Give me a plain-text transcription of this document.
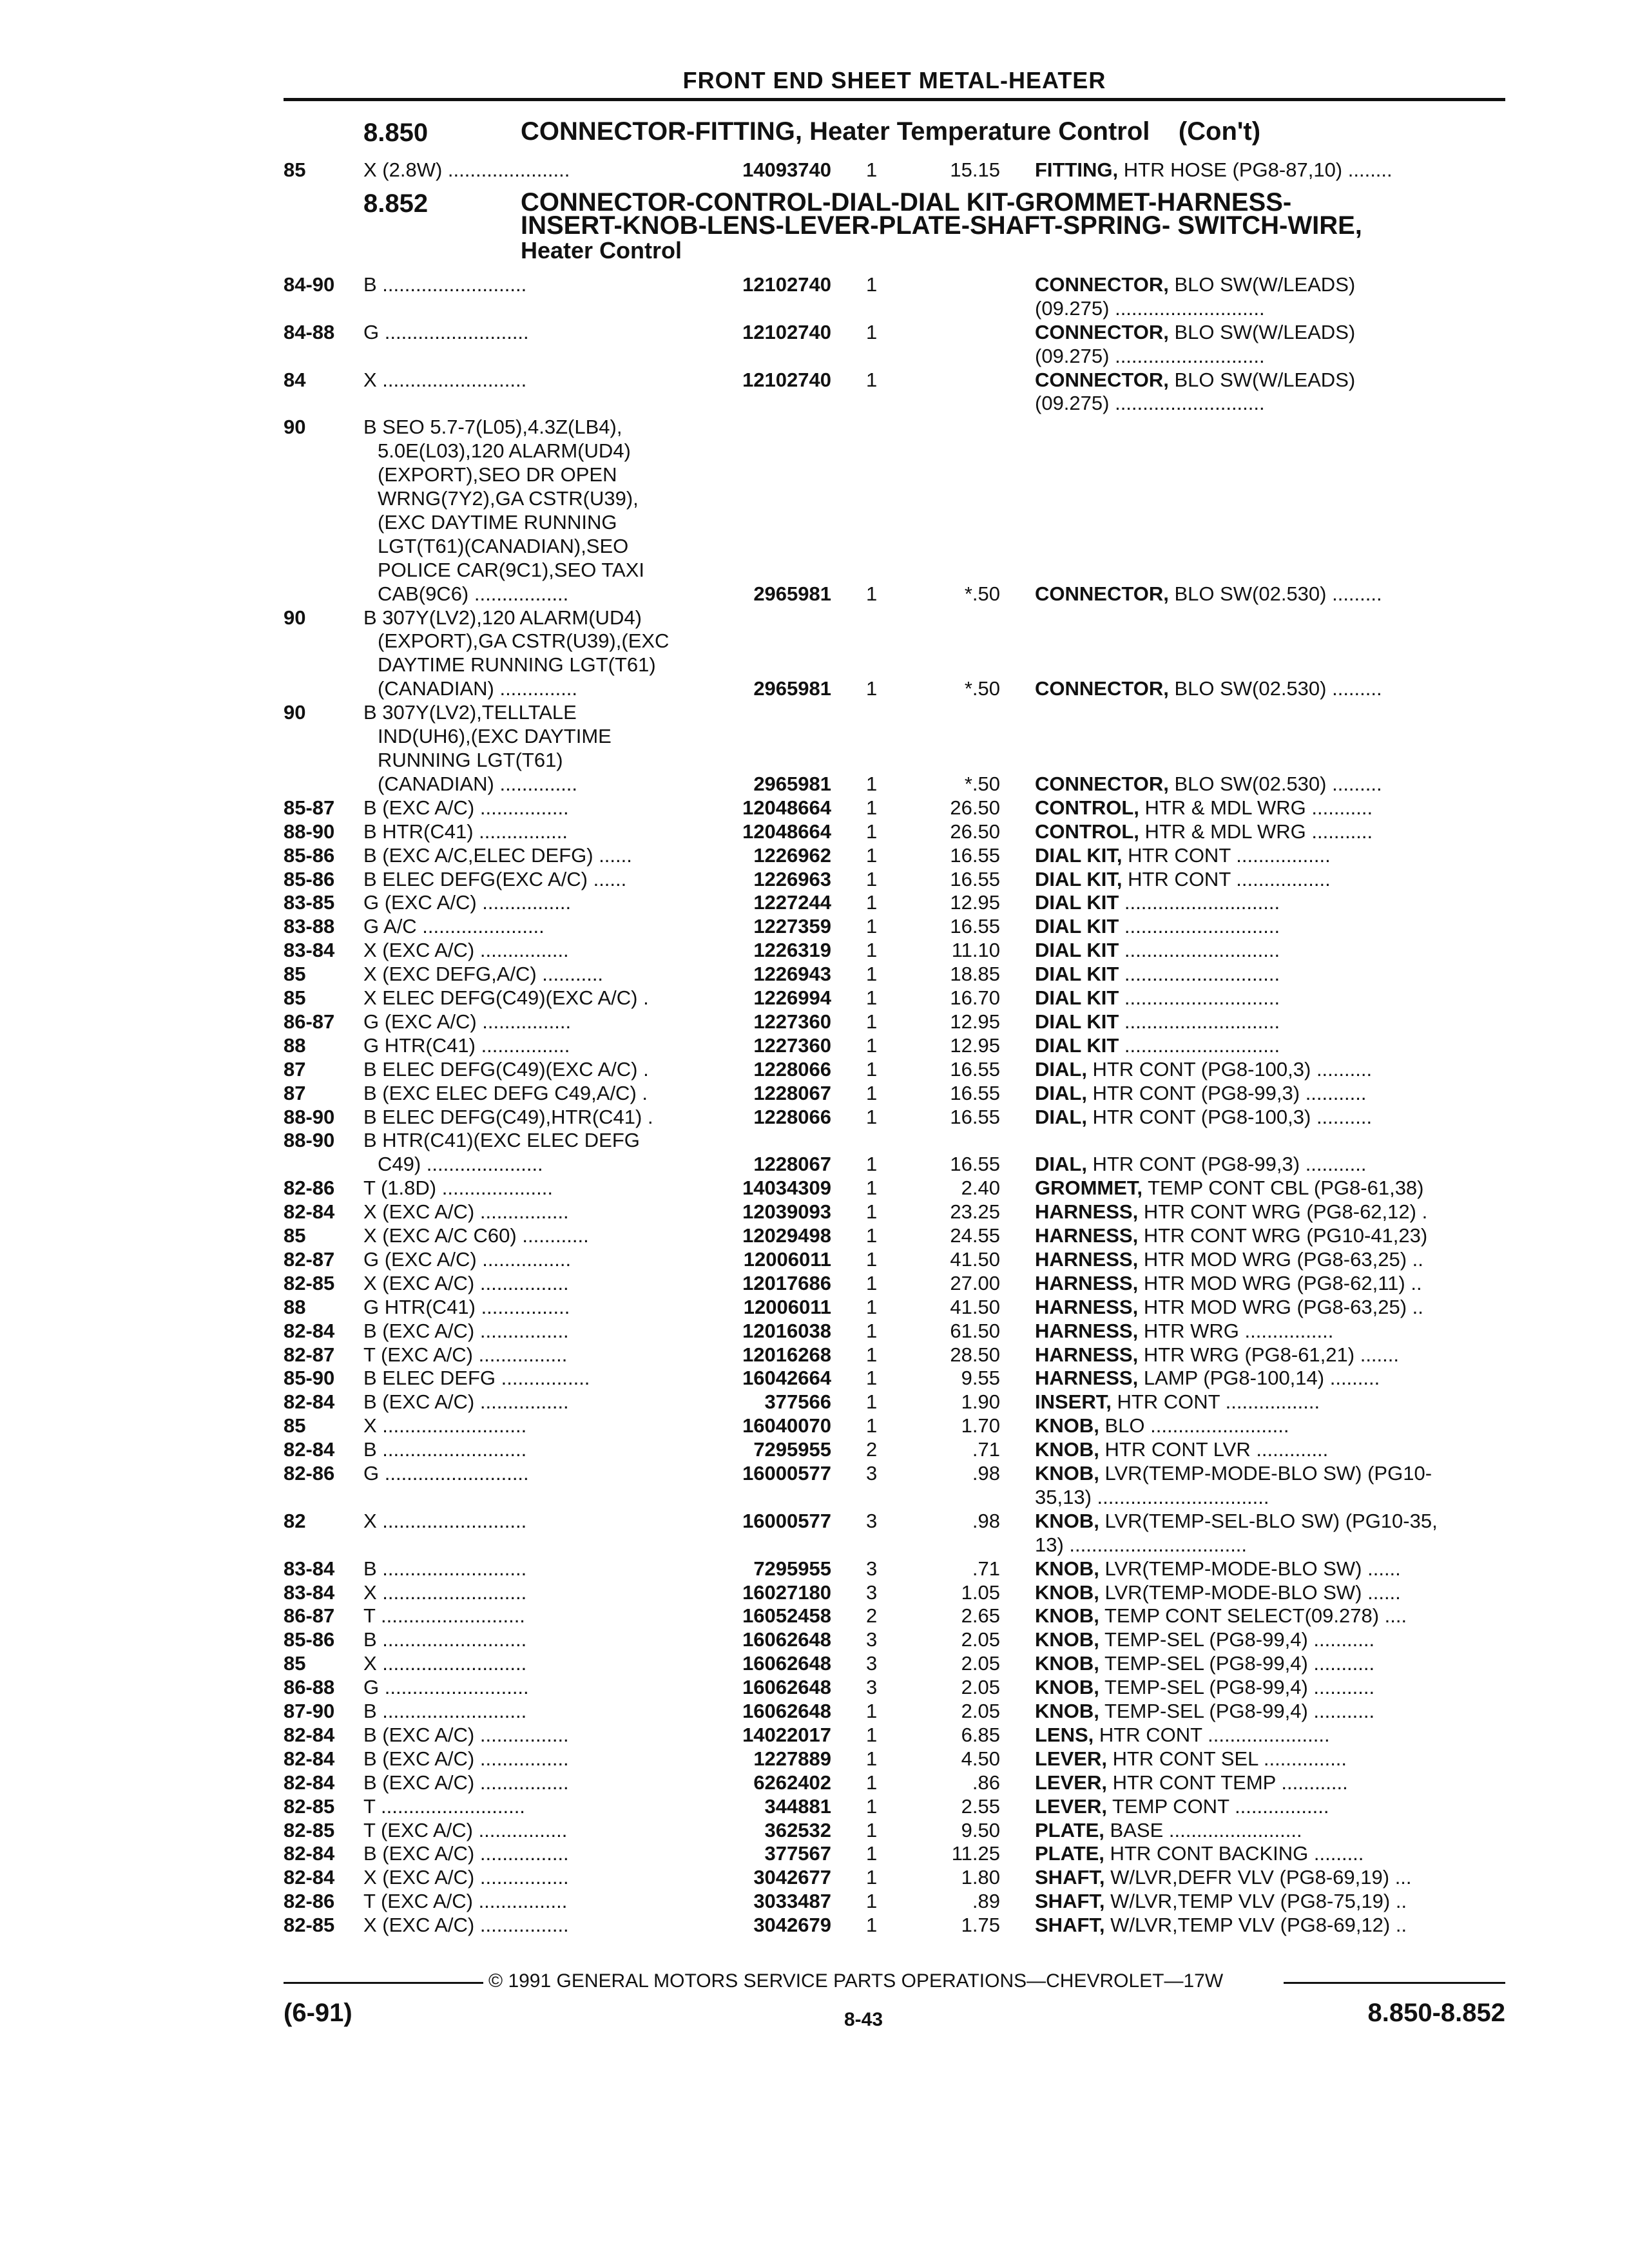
FRONT END SHEET METAL-HEATER
8.850	CONNECTOR-FITTING, Heater Temperature Control (Con't)
85	X (2.8W) ......................	14093740 1	15.15 FITTING, HTR HOSE (PG8-87,10) ........
84-90 B ..........................	12102740 1	CONNECTOR, BLO SW(W/LEADS)
(09.275) ...........................
84-88 G ..........................	12102740 1	CONNECTOR, BLO SW(W/LEADS)
(09.275) ...........................
84	X ..........................	12102740 1	CONNECTOR, BLO SW(W/LEADS)
(09.275) ...........................
90	B SEO 5.7-7(L05),4.3Z(LB4),
5.0E(L03),120 ALARM(UD4)
(EXPORT),SEO DR OPEN
WRNG(7Y2),GA CSTR(U39),
(EXC DAYTIME RUNNING
LGT(T61)(CANADIAN),SEO
POLICE CAR(9C1),SEO TAXI
CAB(9C6) .................	2965981 1	*.50 CONNECTOR, BLO SW(02.530) .........
90	B 307Y(LV2),120 ALARM(UD4)
(EXPORT),GA CSTR(U39),(EXC
DAYTIME RUNNING LGT(T61)
(CANADIAN) ..............	2965981 1	*.50 CONNECTOR, BLO SW(02.530) .........
90	B 307Y(LV2),TELLTALE
IND(UH6),(EXC DAYTIME
RUNNING LGT(T61)
(CANADIAN) ..............	2965981 1	*.50 CONNECTOR, BLO SW(02.530) .........
85-87 B (EXC A/C) ................	12048664 1	26.50 CONTROL, HTR & MDL WRG ...........
88-90 B HTR(C41) ................	12048664 1	26.50 CONTROL, HTR & MDL WRG ...........
85-86 B (EXC A/C,ELEC DEFG) ......	1226962 1	16.55 DIAL KIT, HTR CONT .................
85-86 B ELEC DEFG(EXC A/C) ......	1226963 1	16.55 DIAL KIT, HTR CONT .................
83-85 G (EXC A/C) ................	1227244 1	12.95 DIAL KIT ............................
83-88 G A/C ......................	1227359 1	16.55 DIAL KIT ............................
83-84 X (EXC A/C) ................	1226319 1	11.10 DIAL KIT ............................
85	X (EXC DEFG,A/C) ...........	1226943 1	18.85 DIAL KIT ............................
85	X ELEC DEFG(C49)(EXC A/C) .	1226994 1	16.70 DIAL KIT ............................
86-87 G (EXC A/C) ................	1227360 1	12.95 DIAL KIT ............................
88	G HTR(C41) ................	1227360 1	12.95 DIAL KIT ............................
87	B ELEC DEFG(C49)(EXC A/C) .	1228066 1	16.55 DIAL, HTR CONT (PG8-100,3) ..........
87	B (EXC ELEC DEFG C49,A/C) .	1228067 1	16.55 DIAL, HTR CONT (PG8-99,3) ...........
88-90 B ELEC DEFG(C49),HTR(C41) .	1228066 1	16.55 DIAL, HTR CONT (PG8-100,3) ..........
88-90 B HTR(C41)(EXC ELEC DEFG
C49) .....................	1228067 1	16.55 DIAL, HTR CONT (PG8-99,3) ...........
82-86 T (1.8D) ....................	14034309 1	2.40 GROMMET, TEMP CONT CBL (PG8-61,38)
82-84 X (EXC A/C) ................	12039093 1	23.25 HARNESS, HTR CONT WRG (PG8-62,12) .
85	X (EXC A/C C60) ............	12029498 1	24.55 HARNESS, HTR CONT WRG (PG10-41,23)
82-87 G (EXC A/C) ................	12006011 1	41.50 HARNESS, HTR MOD WRG (PG8-63,25) ..
82-85 X (EXC A/C) ................	12017686 1	27.00 HARNESS, HTR MOD WRG (PG8-62,11) ..
88	G HTR(C41) ................	12006011 1	41.50 HARNESS, HTR MOD WRG (PG8-63,25) ..
82-84 B (EXC A/C) ................	12016038 1	61.50 HARNESS, HTR WRG ................
82-87 T (EXC A/C) ................	12016268 1	28.50 HARNESS, HTR WRG (PG8-61,21) .......
85-90 B ELEC DEFG ................	16042664 1	9.55 HARNESS, LAMP (PG8-100,14) .........
82-84 B (EXC A/C) ................	377566 1	1.90 INSERT, HTR CONT .................
85	X ..........................	16040070 1	1.70 KNOB, BLO .........................
82-84 B ..........................	7295955 2	.71 KNOB, HTR CONT LVR .............
82-86 G ..........................	16000577 3	.98 KNOB, LVR(TEMP-MODE-BLO SW) (PG10-
35,13) ...............................
82	X ..........................	16000577 3	.98 KNOB, LVR(TEMP-SEL-BLO SW) (PG10-35,
13) ................................
83-84 B ..........................	7295955 3	.71 KNOB, LVR(TEMP-MODE-BLO SW) ......
83-84 X ..........................	16027180 3	1.05 KNOB, LVR(TEMP-MODE-BLO SW) ......
86-87 T ..........................	16052458 2	2.65 KNOB, TEMP CONT SELECT(09.278) ....
85-86 B ..........................	16062648 3	2.05 KNOB, TEMP-SEL (PG8-99,4) ...........
85	X ..........................	16062648 3	2.05 KNOB, TEMP-SEL (PG8-99,4) ...........
86-88 G ..........................	16062648 3	2.05 KNOB, TEMP-SEL (PG8-99,4) ...........
87-90 B ..........................	16062648 1	2.05 KNOB, TEMP-SEL (PG8-99,4) ...........
82-84 B (EXC A/C) ................	14022017 1	6.85 LENS, HTR CONT ......................
82-84 B (EXC A/C) ................	1227889 1	4.50 LEVER, HTR CONT SEL ...............
82-84 B (EXC A/C) ................	6262402 1	.86 LEVER, HTR CONT TEMP ............
82-85 T ..........................	344881 1	2.55 LEVER, TEMP CONT .................
82-85 T (EXC A/C) ................	362532 1	9.50 PLATE, BASE ........................
82-84 B (EXC A/C) ................	377567 1	11.25 PLATE, HTR CONT BACKING .........
82-84 X (EXC A/C) ................	3042677 1	1.80 SHAFT, W/LVR,DEFR VLV (PG8-69,19) ...
82-86 T (EXC A/C) ................	3033487 1	.89 SHAFT, W/LVR,TEMP VLV (PG8-75,19) ..
82-85 X (EXC A/C) ................	3042679 1	1.75 SHAFT, W/LVR,TEMP VLV (PG8-69,12) ..
8.852	CONNECTOR-CONTROL-DIAL-DIAL KIT-GROMMET-HARNESS-
INSERT-KNOB-LENS-LEVER-PLATE-SHAFT-SPRING- SWITCH-WIRE,
Heater Control
© 1991 GENERAL MOTORS SERVICE PARTS OPERATIONS—CHEVROLET—17W
(6-91)	8-43	8.850-8.852
